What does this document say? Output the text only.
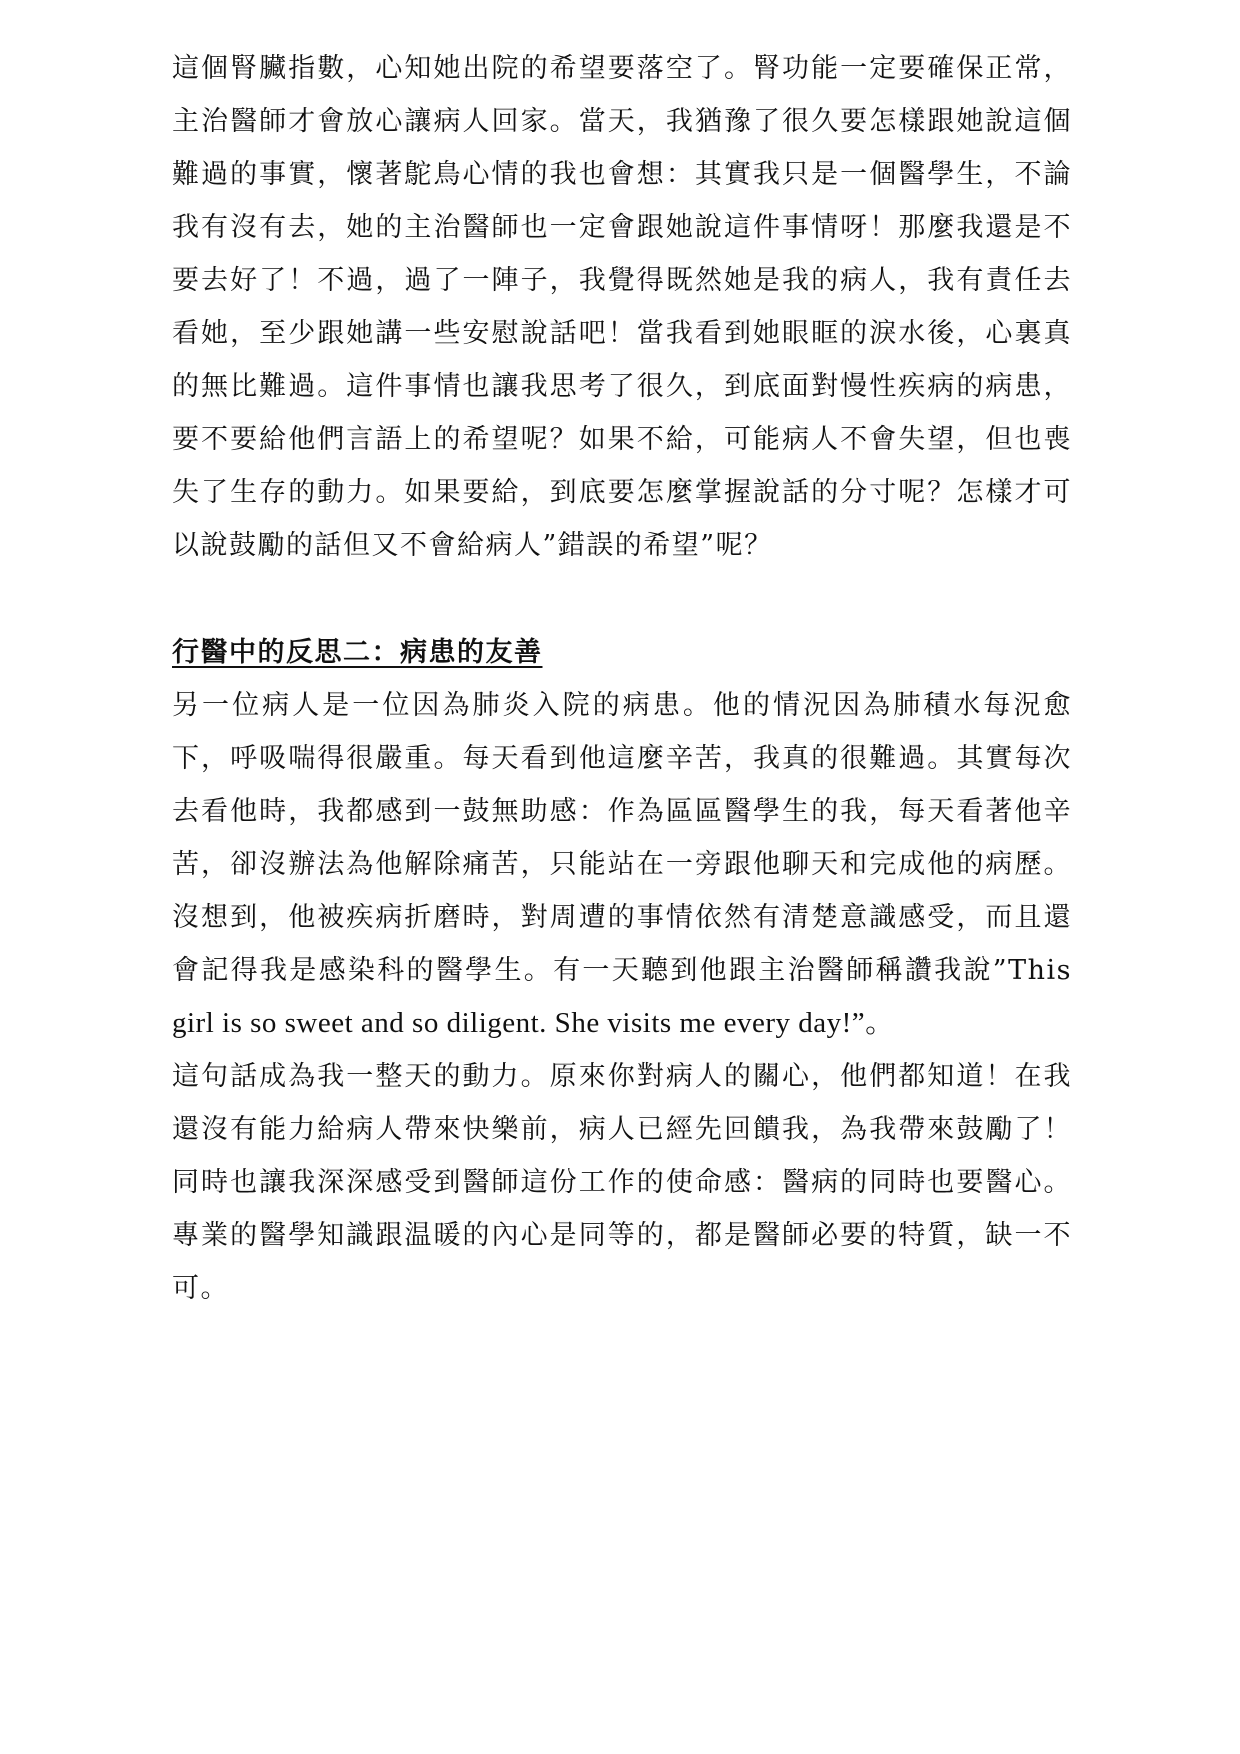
這個腎臟指數，心知她出院的希望要落空了。腎功能一定要確保正常，
主治醫師才會放心讓病人回家。當天，我猶豫了很久要怎樣跟她說這個
難過的事實，懷著鴕鳥心情的我也會想：其實我只是一個醫學生，不論
我有沒有去，她的主治醫師也一定會跟她說這件事情呀！那麼我還是不
要去好了！不過，過了一陣子，我覺得既然她是我的病人，我有責任去
看她，至少跟她講一些安慰說話吧！當我看到她眼眶的淚水後，心裏真
的無比難過。這件事情也讓我思考了很久，到底面對慢性疾病的病患，
要不要給他們言語上的希望呢？如果不給，可能病人不會失望，但也喪
失了生存的動力。如果要給，到底要怎麼掌握說話的分寸呢？怎樣才可
以說鼓勵的話但又不會給病人”錯誤的希望”呢？
行醫中的反思二：病患的友善
另一位病人是一位因為肺炎入院的病患。他的情況因為肺積水每況愈
下，呼吸喘得很嚴重。每天看到他這麼辛苦，我真的很難過。其實每次
去看他時，我都感到一鼓無助感：作為區區醫學生的我，每天看著他辛
苦，卻沒辦法為他解除痛苦，只能站在一旁跟他聊天和完成他的病歷。
沒想到，他被疾病折磨時，對周遭的事情依然有清楚意識感受，而且還
會記得我是感染科的醫學生。有一天聽到他跟主治醫師稱讚我說”This
girl is so sweet and so diligent. She visits me every day!”。
這句話成為我一整天的動力。原來你對病人的關心，他們都知道！在我
還沒有能力給病人帶來快樂前，病人已經先回饋我，為我帶來鼓勵了！
同時也讓我深深感受到醫師這份工作的使命感：醫病的同時也要醫心。
專業的醫學知識跟温暖的內心是同等的，都是醫師必要的特質，缺一不
可。
